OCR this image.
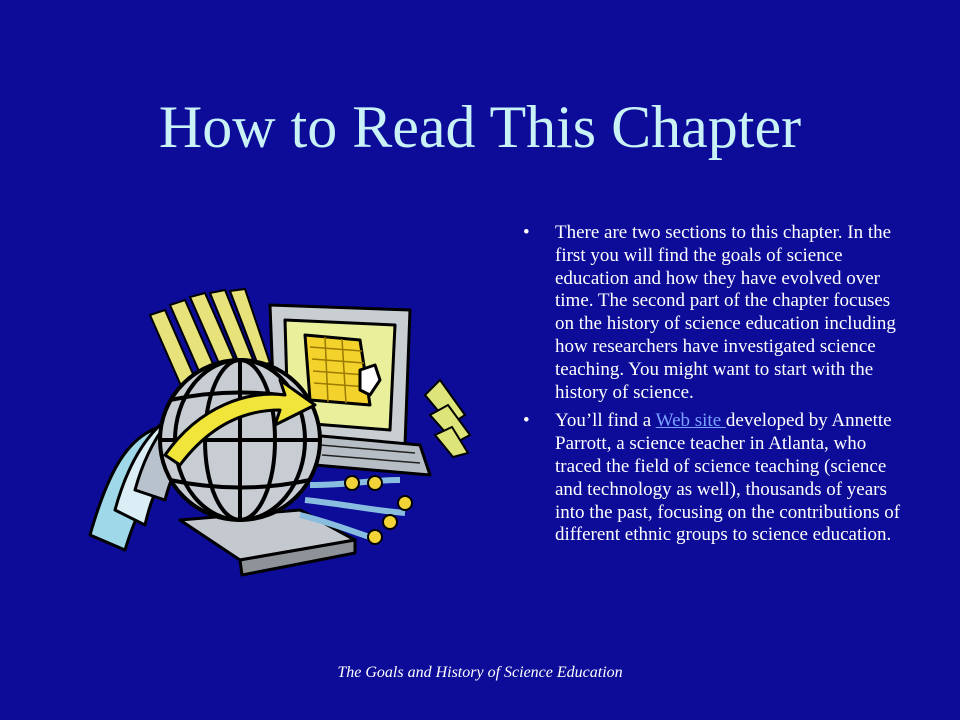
How to Read This Chapter
• There are two sections to this chapter. In the first you will find the goals of science education and how they have evolved over time. The second part of the chapter focuses on the history of science education including how researchers have investigated science teaching. You might want to start with the history of science.
• You’ll find a Web site developed by Annette Parrott, a science teacher in Atlanta, who traced the field of science teaching (science and technology as well), thousands of years into the past, focusing on the contributions of different ethnic groups to science education.
The Goals and History of Science Education
